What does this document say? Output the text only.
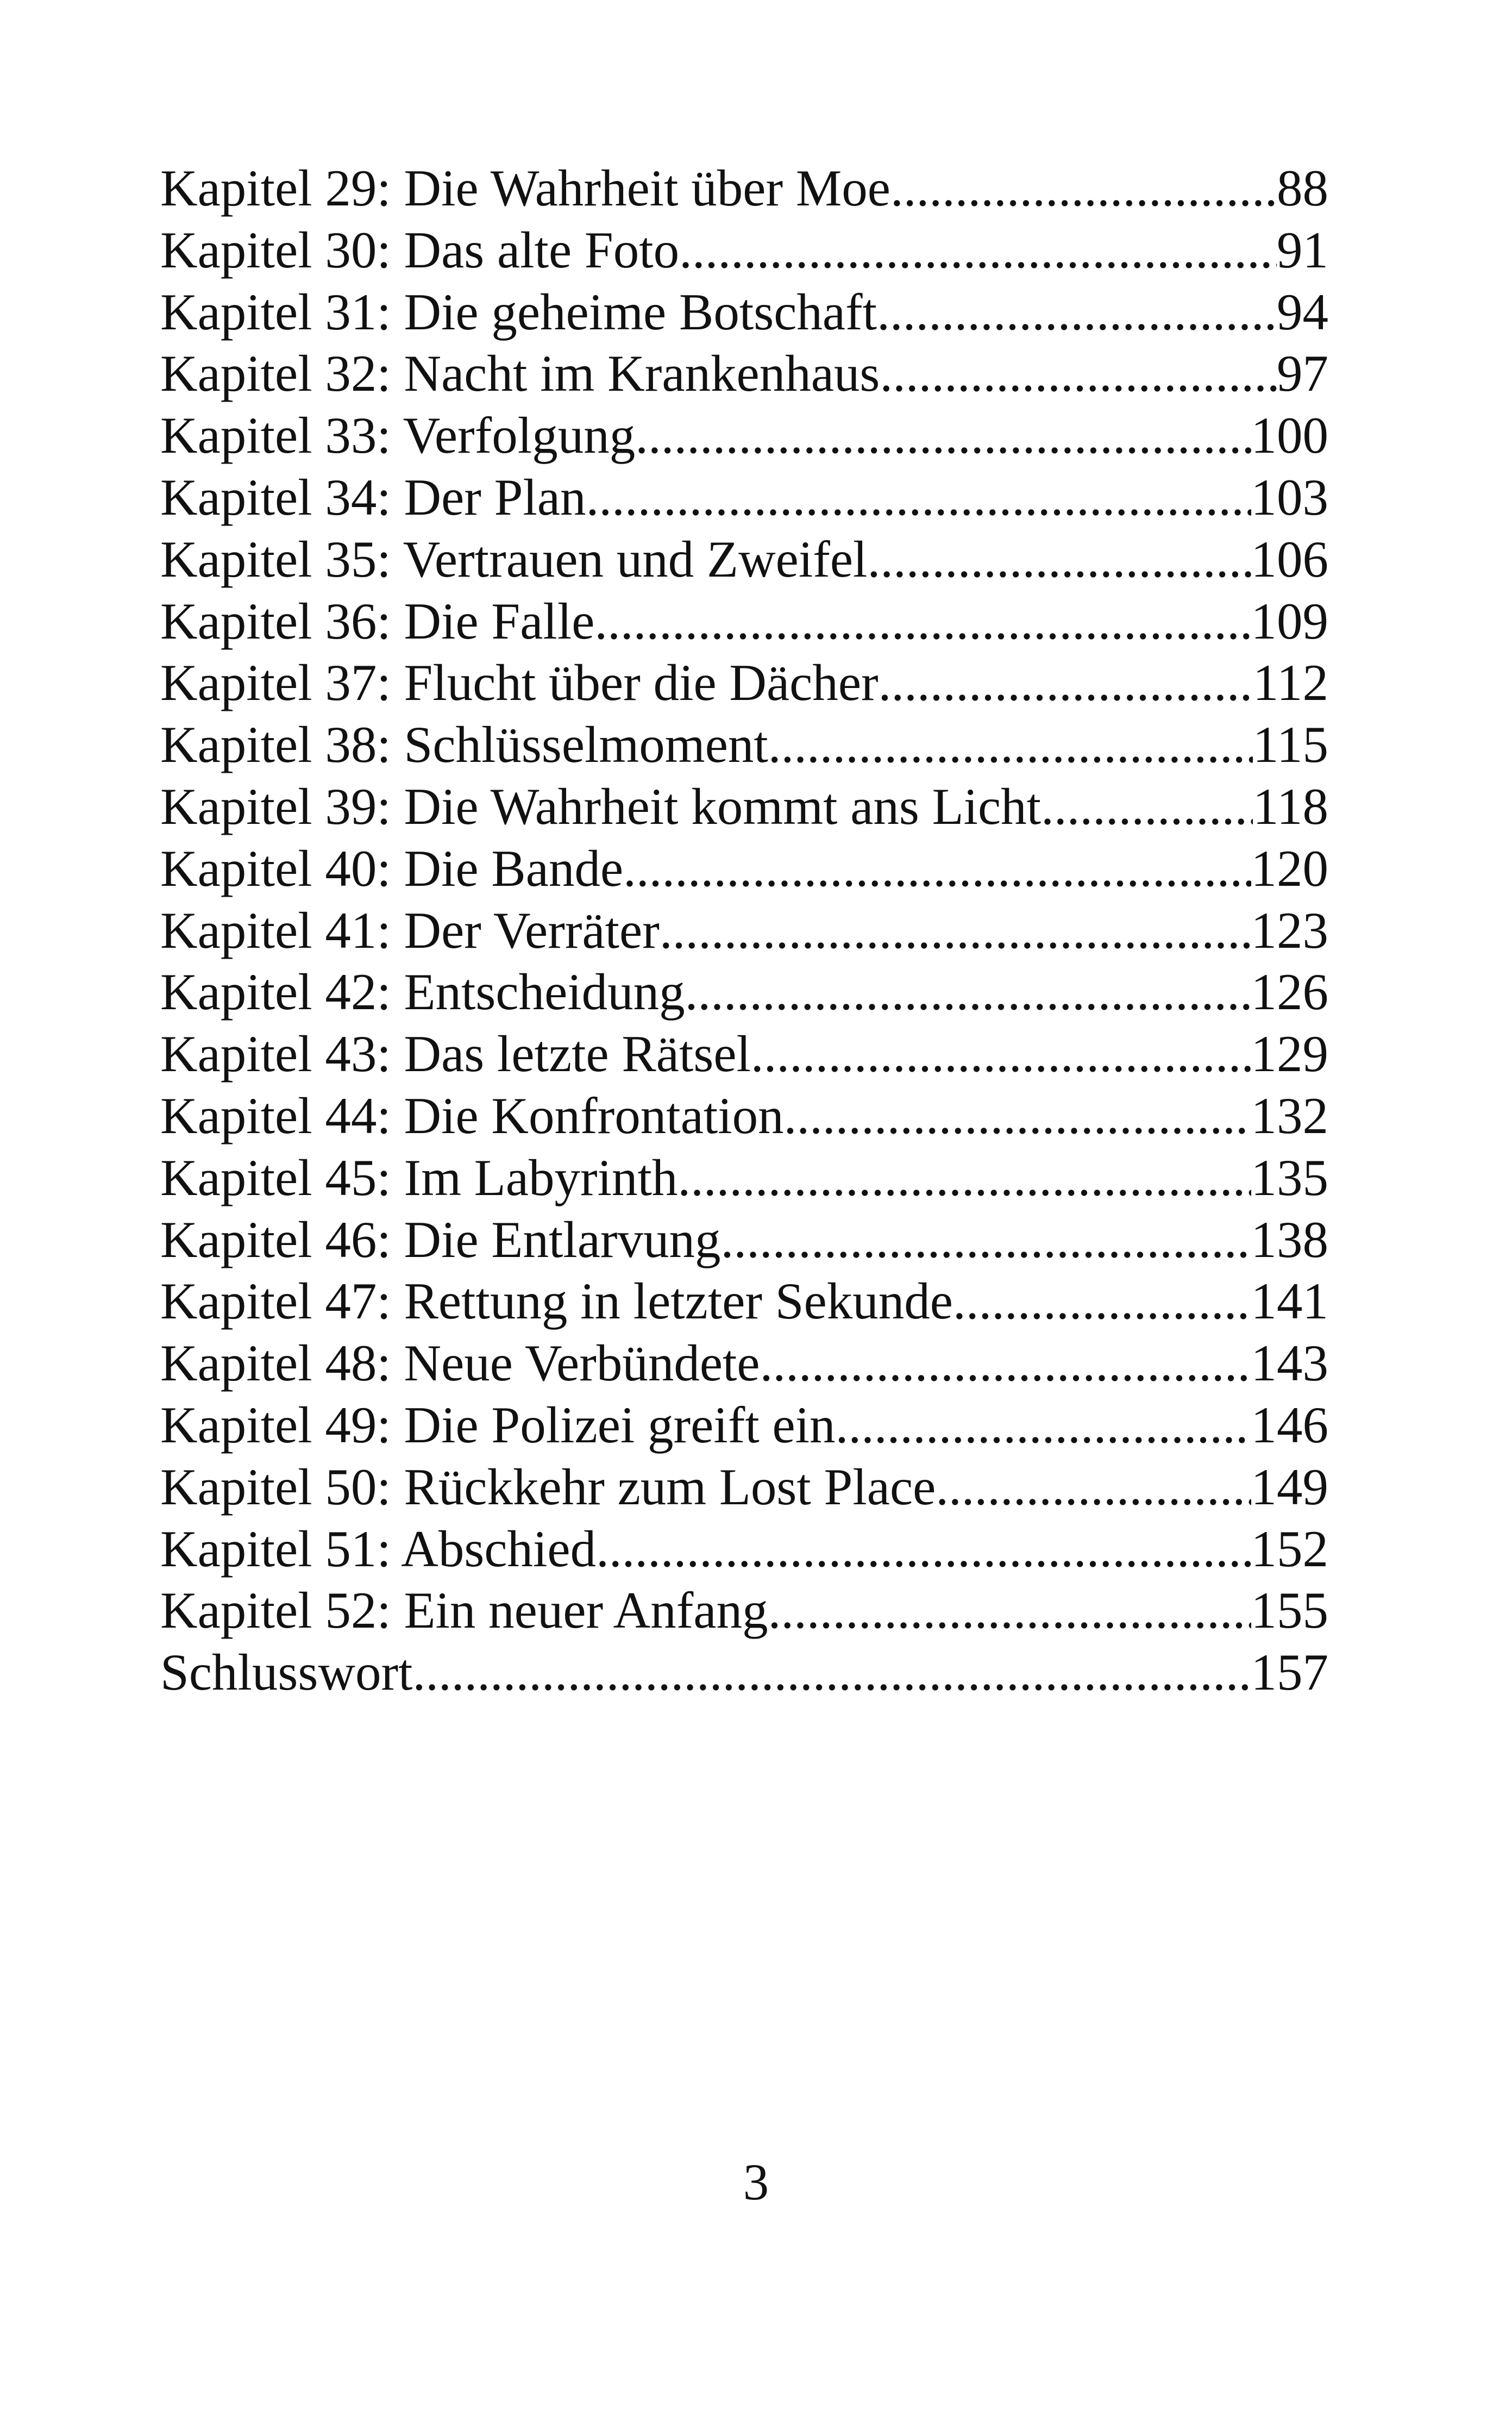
Kapitel 29: Die Wahrheit über Moe .....	88
Kapitel 30: Das alte Foto .....	91
Kapitel 31: Die geheime Botschaft .....	94
Kapitel 32: Nacht im Krankenhaus .....	97
Kapitel 33: Verfolgung .....	100
Kapitel 34: Der Plan .....	103
Kapitel 35: Vertrauen und Zweifel .....	106
Kapitel 36: Die Falle .....	109
Kapitel 37: Flucht über die Dächer .....	112
Kapitel 38: Schlüsselmoment .....	115
Kapitel 39: Die Wahrheit kommt ans Licht .....	118
Kapitel 40: Die Bande .....	120
Kapitel 41: Der Verräter .....	123
Kapitel 42: Entscheidung .....	126
Kapitel 43: Das letzte Rätsel .....	129
Kapitel 44: Die Konfrontation .....	132
Kapitel 45: Im Labyrinth .....	135
Kapitel 46: Die Entlarvung .....	138
Kapitel 47: Rettung in letzter Sekunde .....	141
Kapitel 48: Neue Verbündete .....	143
Kapitel 49: Die Polizei greift ein .....	146
Kapitel 50: Rückkehr zum Lost Place .....	149
Kapitel 51: Abschied .....	152
Kapitel 52: Ein neuer Anfang .....	155
Schlusswort .....	157
3
